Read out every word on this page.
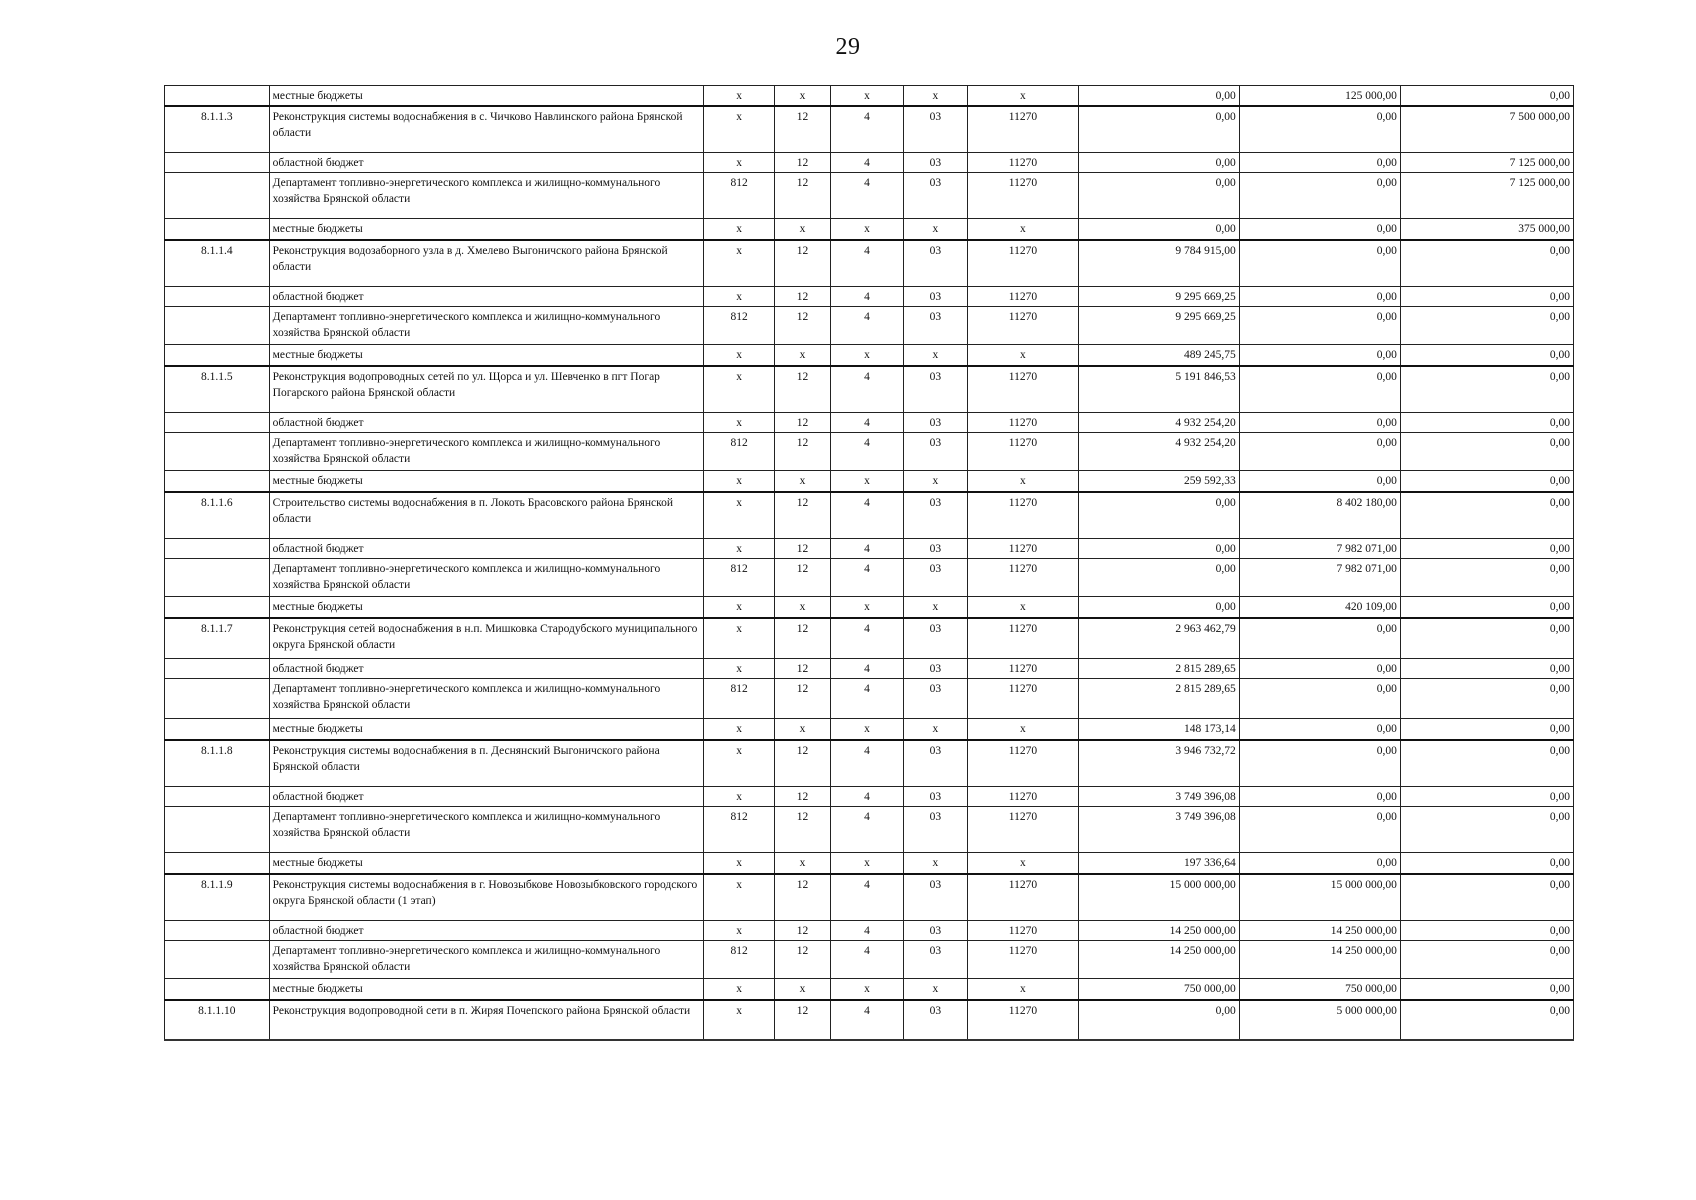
29
	местные бюджеты	х	х	х	х	х	0,00	125 000,00	0,00
8.1.1.3	Реконструкция системы водоснабжения в с. Чичково Навлинского района Брянской области	х	12	4	03	11270	0,00	0,00	7 500 000,00
	областной бюджет	х	12	4	03	11270	0,00	0,00	7 125 000,00
	Департамент топливно-энергетического комплекса и жилищно-коммунального хозяйства Брянской области	812	12	4	03	11270	0,00	0,00	7 125 000,00
	местные бюджеты	х	х	х	х	х	0,00	0,00	375 000,00
8.1.1.4	Реконструкция водозаборного узла в д. Хмелево Выгоничского района Брянской области	х	12	4	03	11270	9 784 915,00	0,00	0,00
	областной бюджет	х	12	4	03	11270	9 295 669,25	0,00	0,00
	Департамент топливно-энергетического комплекса и жилищно-коммунального хозяйства Брянской области	812	12	4	03	11270	9 295 669,25	0,00	0,00
	местные бюджеты	х	х	х	х	х	489 245,75	0,00	0,00
8.1.1.5	Реконструкция водопроводных сетей по ул. Щорса и ул. Шевченко в пгт Погар Погарского района Брянской области	х	12	4	03	11270	5 191 846,53	0,00	0,00
	областной бюджет	х	12	4	03	11270	4 932 254,20	0,00	0,00
	Департамент топливно-энергетического комплекса и жилищно-коммунального хозяйства Брянской области	812	12	4	03	11270	4 932 254,20	0,00	0,00
	местные бюджеты	х	х	х	х	х	259 592,33	0,00	0,00
8.1.1.6	Строительство системы водоснабжения в п. Локоть Брасовского района Брянской области	х	12	4	03	11270	0,00	8 402 180,00	0,00
	областной бюджет	х	12	4	03	11270	0,00	7 982 071,00	0,00
	Департамент топливно-энергетического комплекса и жилищно-коммунального хозяйства Брянской области	812	12	4	03	11270	0,00	7 982 071,00	0,00
	местные бюджеты	х	х	х	х	х	0,00	420 109,00	0,00
8.1.1.7	Реконструкция сетей водоснабжения в н.п. Мишковка Стародубского муниципального округа Брянской области	х	12	4	03	11270	2 963 462,79	0,00	0,00
	областной бюджет	х	12	4	03	11270	2 815 289,65	0,00	0,00
	Департамент топливно-энергетического комплекса и жилищно-коммунального хозяйства Брянской области	812	12	4	03	11270	2 815 289,65	0,00	0,00
	местные бюджеты	х	х	х	х	х	148 173,14	0,00	0,00
8.1.1.8	Реконструкция системы водоснабжения в п. Деснянский Выгоничского района Брянской области	х	12	4	03	11270	3 946 732,72	0,00	0,00
	областной бюджет	х	12	4	03	11270	3 749 396,08	0,00	0,00
	Департамент топливно-энергетического комплекса и жилищно-коммунального хозяйства Брянской области	812	12	4	03	11270	3 749 396,08	0,00	0,00
	местные бюджеты	х	х	х	х	х	197 336,64	0,00	0,00
8.1.1.9	Реконструкция системы водоснабжения в г. Новозыбкове Новозыбковского городского округа Брянской области (1 этап)	х	12	4	03	11270	15 000 000,00	15 000 000,00	0,00
	областной бюджет	х	12	4	03	11270	14 250 000,00	14 250 000,00	0,00
	Департамент топливно-энергетического комплекса и жилищно-коммунального хозяйства Брянской области	812	12	4	03	11270	14 250 000,00	14 250 000,00	0,00
	местные бюджеты	х	х	х	х	х	750 000,00	750 000,00	0,00
8.1.1.10	Реконструкция водопроводной сети в п. Жиряя Почепского района Брянской области	х	12	4	03	11270	0,00	5 000 000,00	0,00
